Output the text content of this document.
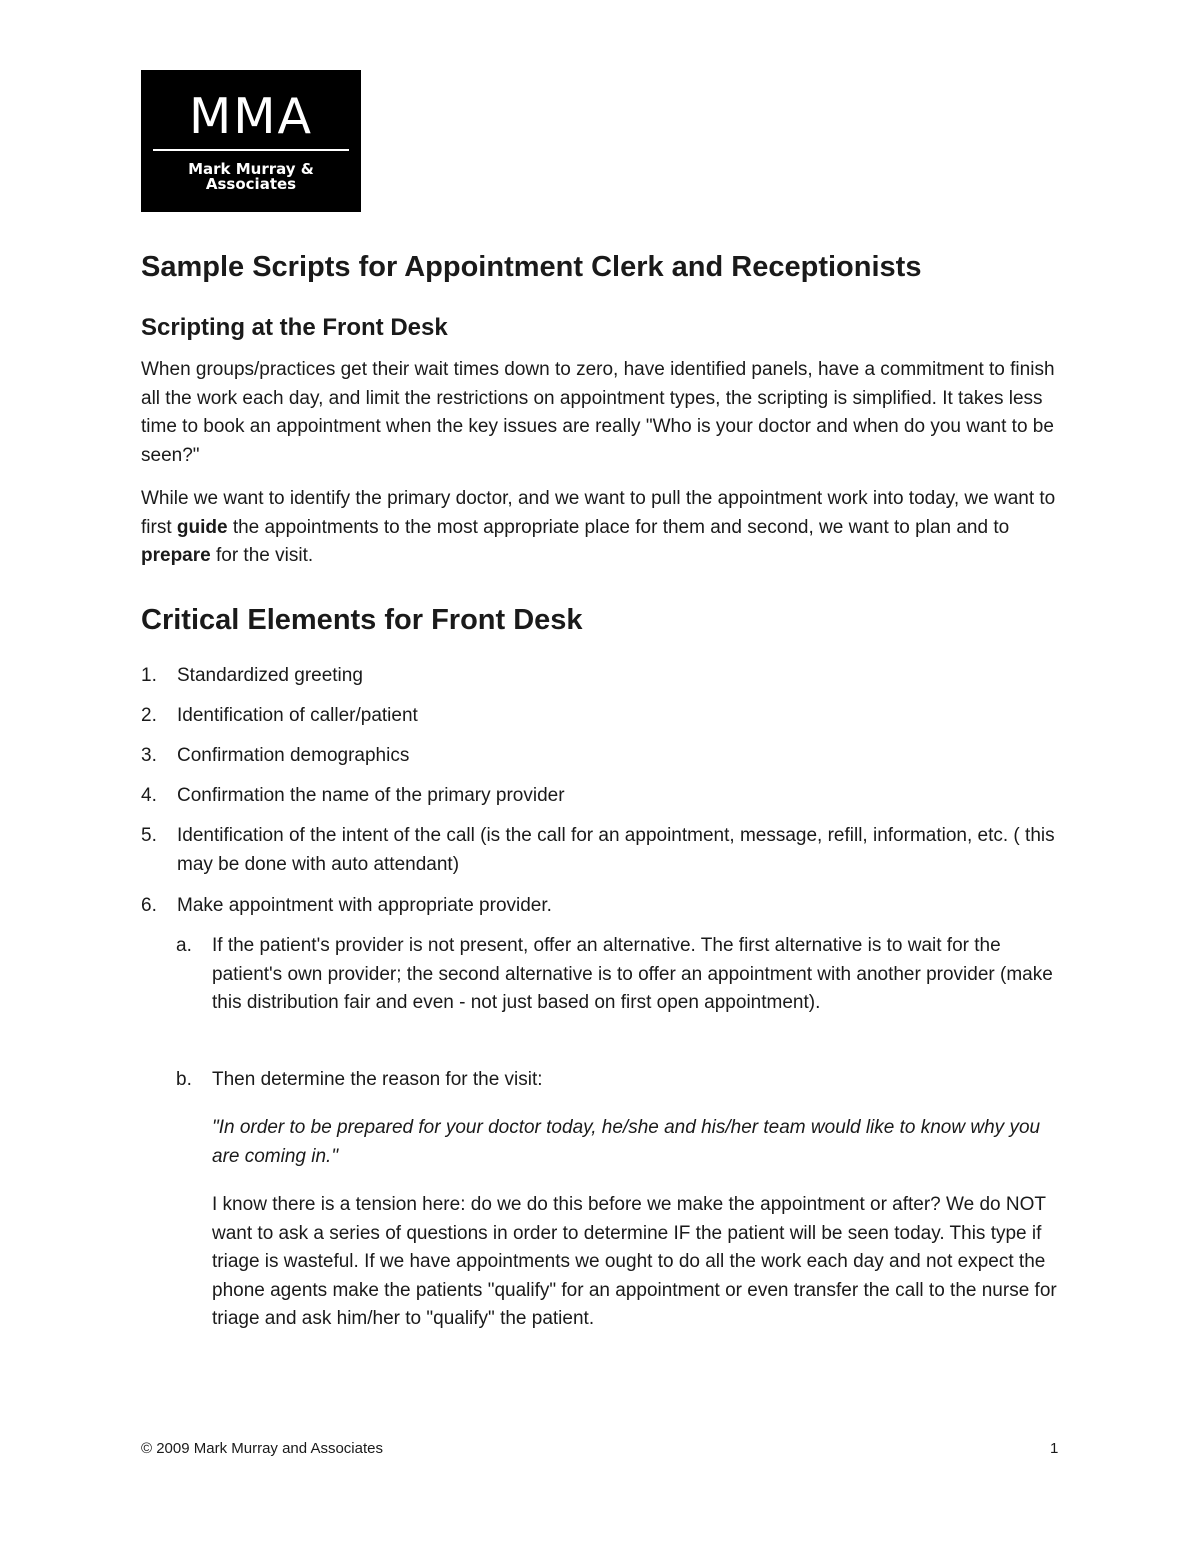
MMA
Mark Murray & Associates
Sample Scripts for Appointment Clerk and Receptionists
Scripting at the Front Desk

When groups/practices get their wait times down to zero, have identified panels, have a commitment to finish all the work each day, and limit the restrictions on appointment types, the scripting is simplified. It takes less time to book an appointment when the key issues are really "Who is your doctor and when do you want to be seen?"

While we want to identify the primary doctor, and we want to pull the appointment work into today, we want to first guide the appointments to the most appropriate place for them and second, we want to plan and to prepare for the visit.

Critical Elements for Front Desk
1. Standardized greeting
2. Identification of caller/patient
3. Confirmation demographics
4. Confirmation the name of the primary provider
5. Identification of the intent of the call (is the call for an appointment, message, refill, information, etc. ( this may be done with auto attendant)
6. Make appointment with appropriate provider.
a. If the patient's provider is not present, offer an alternative. The first alternative is to wait for the patient's own provider; the second alternative is to offer an appointment with another provider (make this distribution fair and even - not just based on first open appointment).
b. Then determine the reason for the visit:

"In order to be prepared for your doctor today, he/she and his/her team would like to know why you are coming in."

I know there is a tension here: do we do this before we make the appointment or after? We do NOT want to ask a series of questions in order to determine IF the patient will be seen today. This type if triage is wasteful. If we have appointments we ought to do all the work each day and not expect the phone agents make the patients "qualify" for an appointment or even transfer the call to the nurse for triage and ask him/her to "qualify" the patient.

© 2009 Mark Murray and Associates	1
